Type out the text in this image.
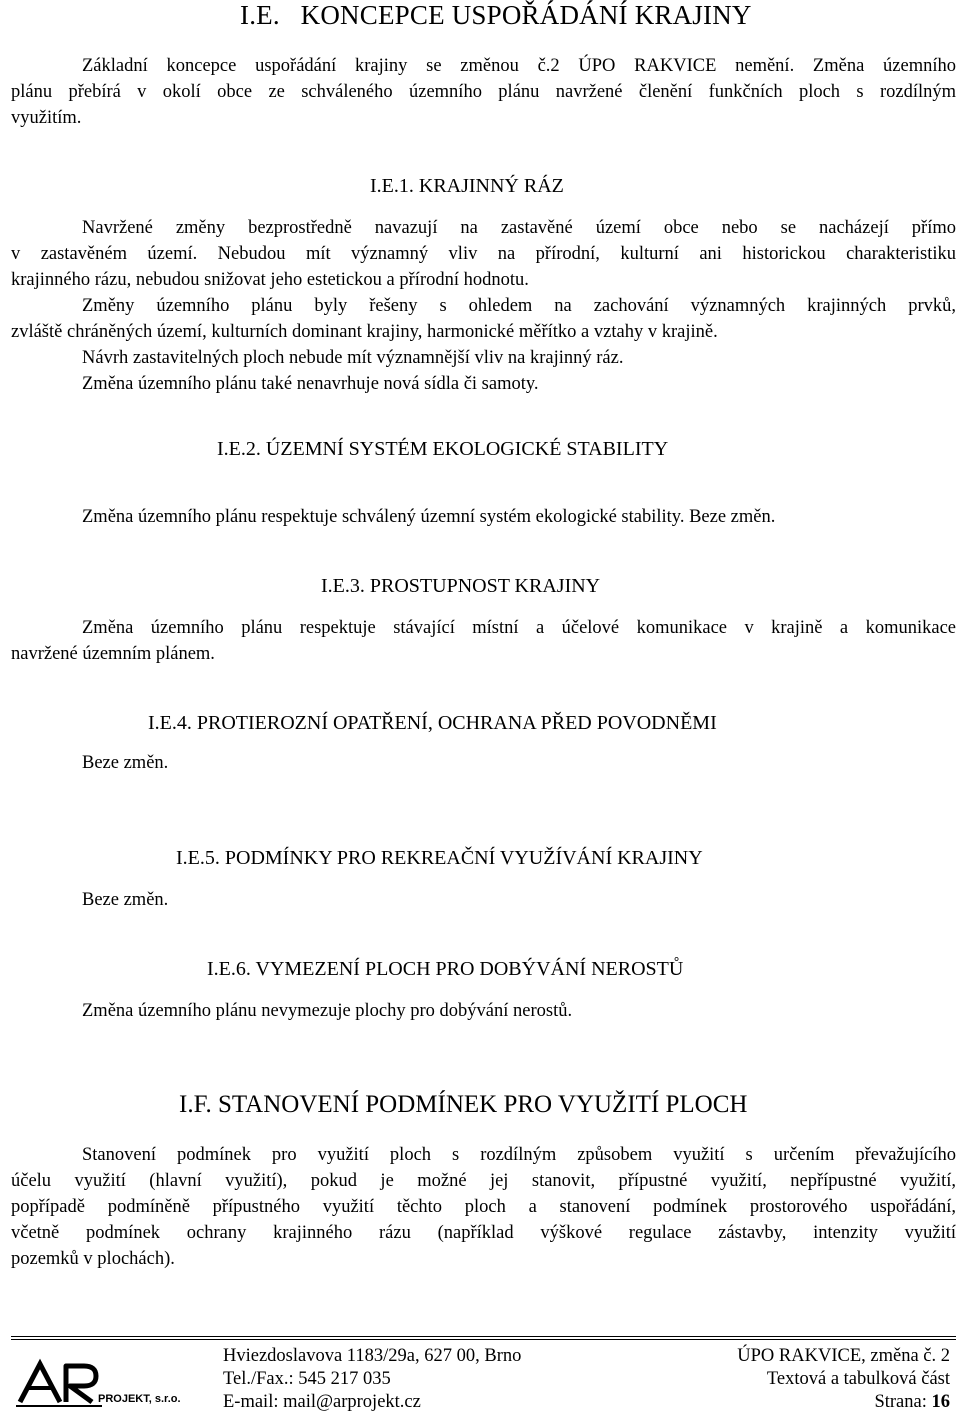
I.E. KONCEPCE USPOŘÁDÁNÍ KRAJINY
Základní koncepce uspořádání krajiny se změnou č.2 ÚPO RAKVICE nemění. Změna územního
plánu přebírá v okolí obce ze schváleného územního plánu navržené členění funkčních ploch s rozdílným
využitím.
I.E.1. KRAJINNÝ RÁZ
Navržené změny bezprostředně navazují na zastavěné území obce nebo se nacházejí přímo
v zastavěném území. Nebudou mít významný vliv na přírodní, kulturní ani historickou charakteristiku
krajinného rázu, nebudou snižovat jeho estetickou a přírodní hodnotu.
Změny územního plánu byly řešeny s ohledem na zachování významných krajinných prvků,
zvláště chráněných území, kulturních dominant krajiny, harmonické měřítko a vztahy v krajině.
Návrh zastavitelných ploch nebude mít významnější vliv na krajinný ráz.
Změna územního plánu také nenavrhuje nová sídla či samoty.
I.E.2. ÚZEMNÍ SYSTÉM EKOLOGICKÉ STABILITY
Změna územního plánu respektuje schválený územní systém ekologické stability. Beze změn.
I.E.3. PROSTUPNOST KRAJINY
Změna územního plánu respektuje stávající místní a účelové komunikace v krajině a komunikace
navržené územním plánem.
I.E.4. PROTIEROZNÍ OPATŘENÍ, OCHRANA PŘED POVODNĚMI
Beze změn.
I.E.5. PODMÍNKY PRO REKREAČNÍ VYUŽÍVÁNÍ KRAJINY
Beze změn.
I.E.6. VYMEZENÍ PLOCH PRO DOBÝVÁNÍ NEROSTŮ
Změna územního plánu nevymezuje plochy pro dobývání nerostů.
I.F. STANOVENÍ PODMÍNEK PRO VYUŽITÍ PLOCH
Stanovení podmínek pro využití ploch s rozdílným způsobem využití s určením převažujícího
účelu využití (hlavní využití), pokud je možné jej stanovit, přípustné využití, nepřípustné využití,
popřípadě podmíněně přípustného využití těchto ploch a stanovení podmínek prostorového uspořádání,
včetně podmínek ochrany krajinného rázu (například výškové regulace zástavby, intenzity využití
pozemků v plochách).
PROJEKT, s.r.o.
Hviezdoslavova 1183/29a, 627 00, Brno
Tel./Fax.: 545 217 035
E-mail: mail@arprojekt.cz
ÚPO RAKVICE, změna č. 2
Textová a tabulková část
Strana: 16
